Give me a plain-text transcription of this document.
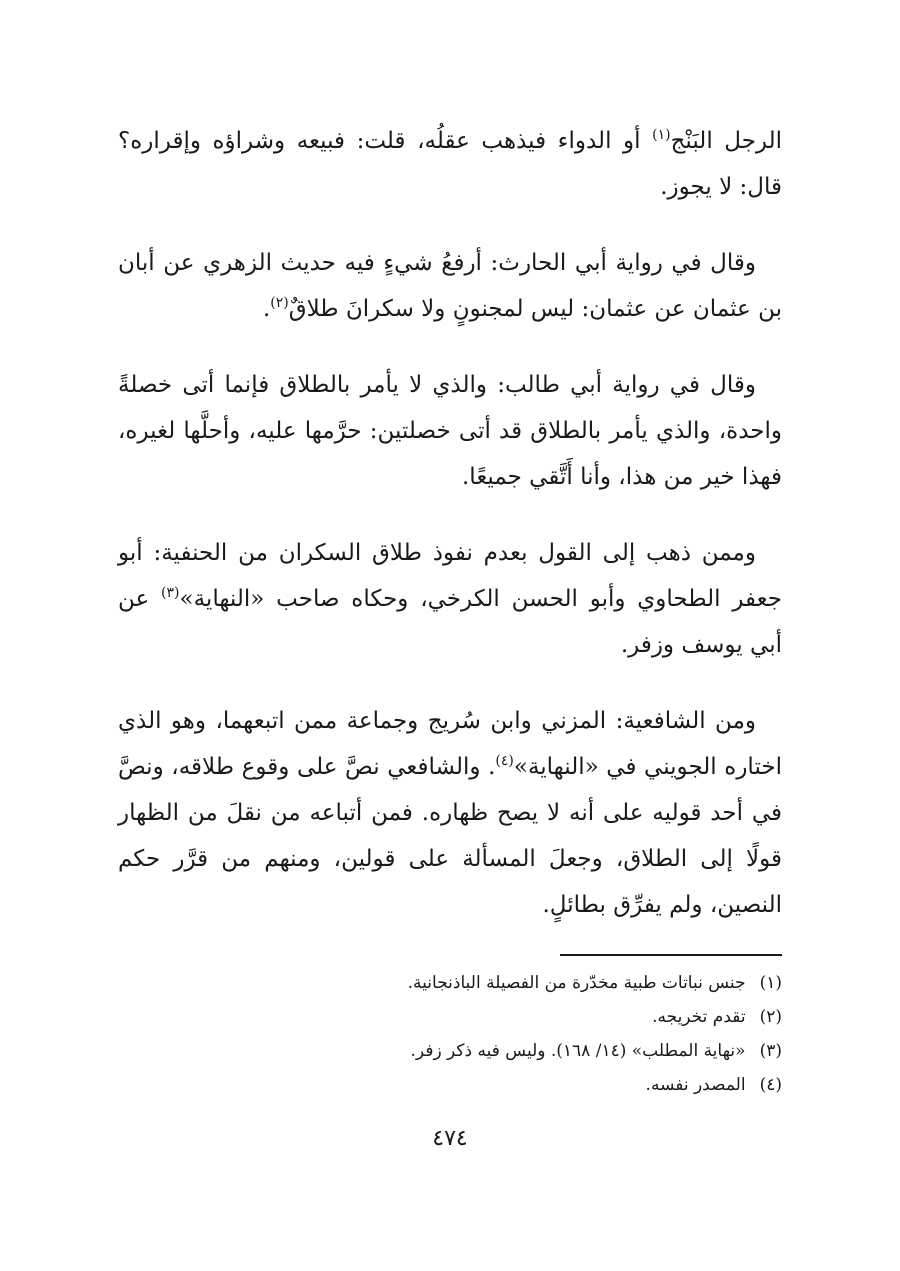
الرجل البَنْج$^{(١)}$ أو الدواء فيذهب عقلُه، قلت: فبيعه وشراؤه وإقراره؟ قال: لا يجوز.

وقال في رواية أبي الحارث: أرفعُ شيءٍ فيه حديث الزهري عن أبان بن عثمان عن عثمان: ليس لمجنونٍ ولا سكرانَ طلاقٌ$^{(٢)}$.

وقال في رواية أبي طالب: والذي لا يأمر بالطلاق فإنما أتى خصلةً واحدة، والذي يأمر بالطلاق قد أتى خصلتين: حرَّمها عليه، وأحلَّها لغيره، فهذا خير من هذا، وأنا أَتَّقي جميعًا.

وممن ذهب إلى القول بعدم نفوذ طلاق السكران من الحنفية: أبو جعفر الطحاوي وأبو الحسن الكرخي، وحكاه صاحب «النهاية»$^{(٣)}$ عن أبي يوسف وزفر.

ومن الشافعية: المزني وابن سُريج وجماعة ممن اتبعهما، وهو الذي اختاره الجويني في «النهاية»$^{(٤)}$. والشافعي نصَّ على وقوع طلاقه، ونصَّ في أحد قوليه على أنه لا يصح ظهاره. فمن أتباعه من نقلَ من الظهار قولًا إلى الطلاق، وجعلَ المسألة على قولين، ومنهم من قرَّر حكم النصين، ولم يفرِّق بطائلٍ.

(١)جنس نباتات طبية مخدّرة من الفصيلة الباذنجانية.

(٢)تقدم تخريجه.

(٣)«نهاية المطلب» (١٤/ ١٦٨). وليس فيه ذكر زفر.

(٤)المصدر نفسه.

٤٧٤
